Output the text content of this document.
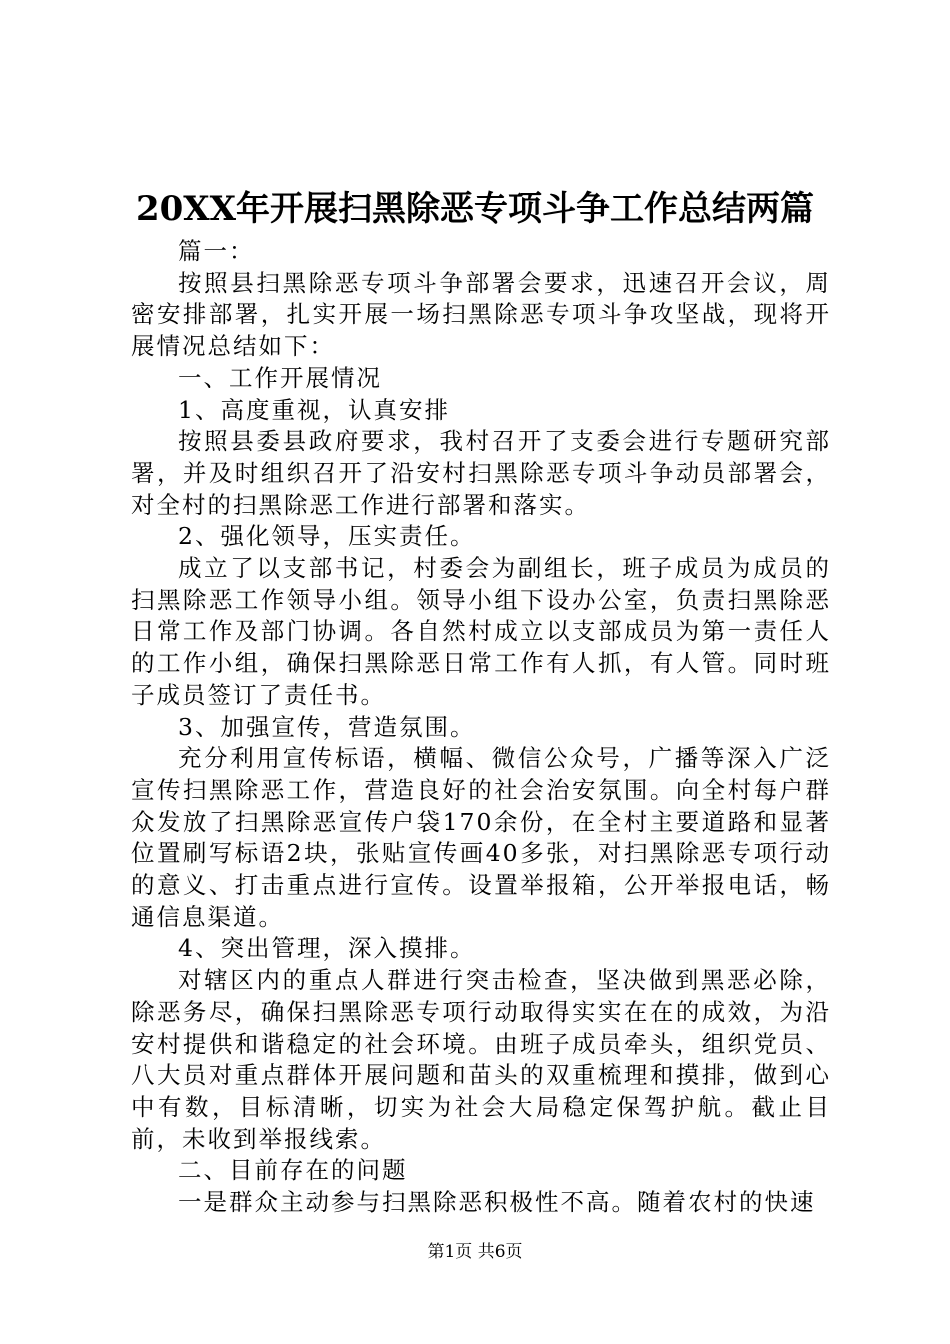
20XX年开展扫黑除恶专项斗争工作总结两篇

篇一：

按照县扫黑除恶专项斗争部署会要求，迅速召开会议，周密安排部署，扎实开展一场扫黑除恶专项斗争攻坚战，现将开展情况总结如下：

一、工作开展情况

1、高度重视，认真安排

按照县委县政府要求，我村召开了支委会进行专题研究部署，并及时组织召开了沿安村扫黑除恶专项斗争动员部署会，对全村的扫黑除恶工作进行部署和落实。

2、强化领导，压实责任。

成立了以支部书记，村委会为副组长，班子成员为成员的扫黑除恶工作领导小组。领导小组下设办公室，负责扫黑除恶日常工作及部门协调。各自然村成立以支部成员为第一责任人的工作小组，确保扫黑除恶日常工作有人抓，有人管。同时班子成员签订了责任书。

3、加强宣传，营造氛围。

充分利用宣传标语，横幅、微信公众号，广播等深入广泛宣传扫黑除恶工作，营造良好的社会治安氛围。向全村每户群众发放了扫黑除恶宣传户袋170余份，在全村主要道路和显著位置刷写标语2块，张贴宣传画40多张，对扫黑除恶专项行动的意义、打击重点进行宣传。设置举报箱，公开举报电话，畅通信息渠道。

4、突出管理，深入摸排。

对辖区内的重点人群进行突击检查，坚决做到黑恶必除，除恶务尽，确保扫黑除恶专项行动取得实实在在的成效，为沿安村提供和谐稳定的社会环境。由班子成员牵头，组织党员、八大员对重点群体开展问题和苗头的双重梳理和摸排，做到心中有数，目标清晰，切实为社会大局稳定保驾护航。截止目前，未收到举报线索。

二、目前存在的问题

一是群众主动参与扫黑除恶积极性不高。随着农村的快速

第1页 共6页
